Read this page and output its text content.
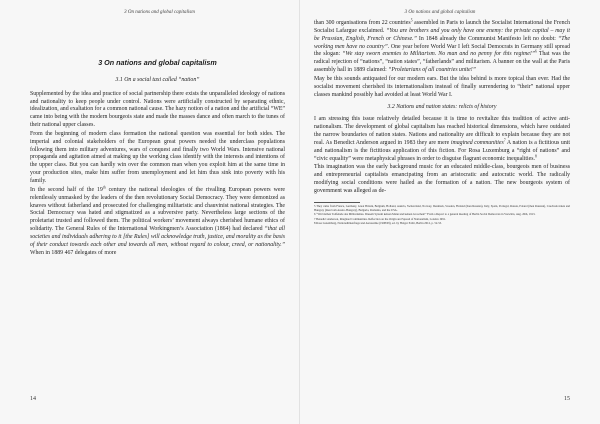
3 On nations and global capitalism
3 On nations and global capitalism
3.1 On a social taxi called “nation”

Supplemented by the idea and practice of social partnership there exists the unparalleled ideology of nations and nationality to keep people under control. Nations were artificially constructed by separating ethnic, idealization, and exaltation for a common national cause. The hazy notion of a nation and the artificial “WE” came into being with the modern bourgeois state and made the masses dance and often march to the tunes of their national upper classes.

From the beginning of modern class formation the national question was essential for both sides. The imperial and colonial stakeholders of the European great powers needed the underclass populations following them into military adventures, wars of conquest and finally two World Wars. Intensive national propaganda and agitation aimed at making up the working class identify with the interests and intentions of the upper class. But you can hardly win over the common man when you exploit him at the same time in your production sites, make him suffer from unemployment and let him thus sink into poverty with his family.

In the second half of the 19th century the national ideologies of the rivalling European powers were relentlessly unmasked by the leaders of the then revolutionary Social Democracy. They were demonized as knaves without fatherland and prosecuted for challenging militaristic and chauvinist national strategies. The Social Democracy was hated and stigmatized as a subversive party. Nevertheless large sections of the proletariat trusted and followed them. The political workers’ movement always cherished humane ethics of solidarity. The General Rules of the International Workingmen’s Association (1864) had declared “that all societies and individuals adhering to it [the Rules] will acknowledge truth, justice, and morality as the basis of their conduct towards each other and towards all men, without regard to colour, creed, or nationality.” When in 1889 467 delegates of more

14
3 On nations and global capitalism

than 300 organisations from 22 countries$^5$ assembled in Paris to launch the Socialist International the French Socialist Lafargue exclaimed. “You are brothers and you only have one enemy: the private capital – may it be Prussian, English, French or Chinese.” In 1848 already the Communist Manifesto left no doubt: “The working men have no country”. One year before World War I left Social Democrats in Germany still spread the slogan: “We stay sworn enemies to Militarism. No man and no penny for this regime!”$^6$ That was the radical rejection of “nations”, “nation states”, “fatherlands” and militarism. A banner on the wall at the Paris assembly hall in 1889 claimed: “Proletarians of all countries unite!”

May be this sounds antiquated for our modern ears. But the idea behind is more topical than ever. Had the socialist movement cherished its internationalism instead of finally surrendering to “their” national upper classes mankind possibly had avoided at least World War I.

3.2 Nations and nation states: relicts of history

I am stressing this issue relatively detailed because it is time to revitalize this tradition of active anti-nationalism. The development of global capitalism has reached historical dimensions, which have outdated the narrow boundaries of nation states. Nations and nationality are difficult to explain because they are not real. As Benedict Anderson argued in 1983 they are mere imagined communities$^7$ A nation is a fictitious unit and nationalism is the fictitious application of this fiction. For Rosa Luxemburg a “right of nations” and “civic equality” were metaphysical phrases in order to disguise flagrant economic inequalities.$^8$

This imagination was the early background music for an educated middle-class, bourgeois men of business and entrepreneurial capitalists emancipating from an aristocratic and autocratic world. The radically modifying social conditions were hailed as the formation of a nation. The new bourgeois system of government was alleged as de-

5 They came from France, Germany, Great Britain, Belgium, Holland, Austria, Switzerland, Norway, Denmark, Sweden, Finland (then Russian), Italy, Spain, Portugal, Russia, Poland (then Russian), Czechoslovakia and Hungary (then both Austro-Hungary), Bulgaria, Romania, and the USA.
6 “Wir bleiben Todfeinde des Militarismus. Diesem System keinen Mann und keinen Groschen!” From a Report to a general meeting of Berlin Social Democrats in Vorwärts, Aug. 26th, 1913.
7 Benedict Anderson, Imagined Communities. Reflection on the Origin and Spread of Nationalism, London 1991.
8 Rosa Luxemburg, Nationalitätenfrage und Autonomie (1908/09), ed. by Holger Politt, Berlin 2012, p. 52-53.
15
